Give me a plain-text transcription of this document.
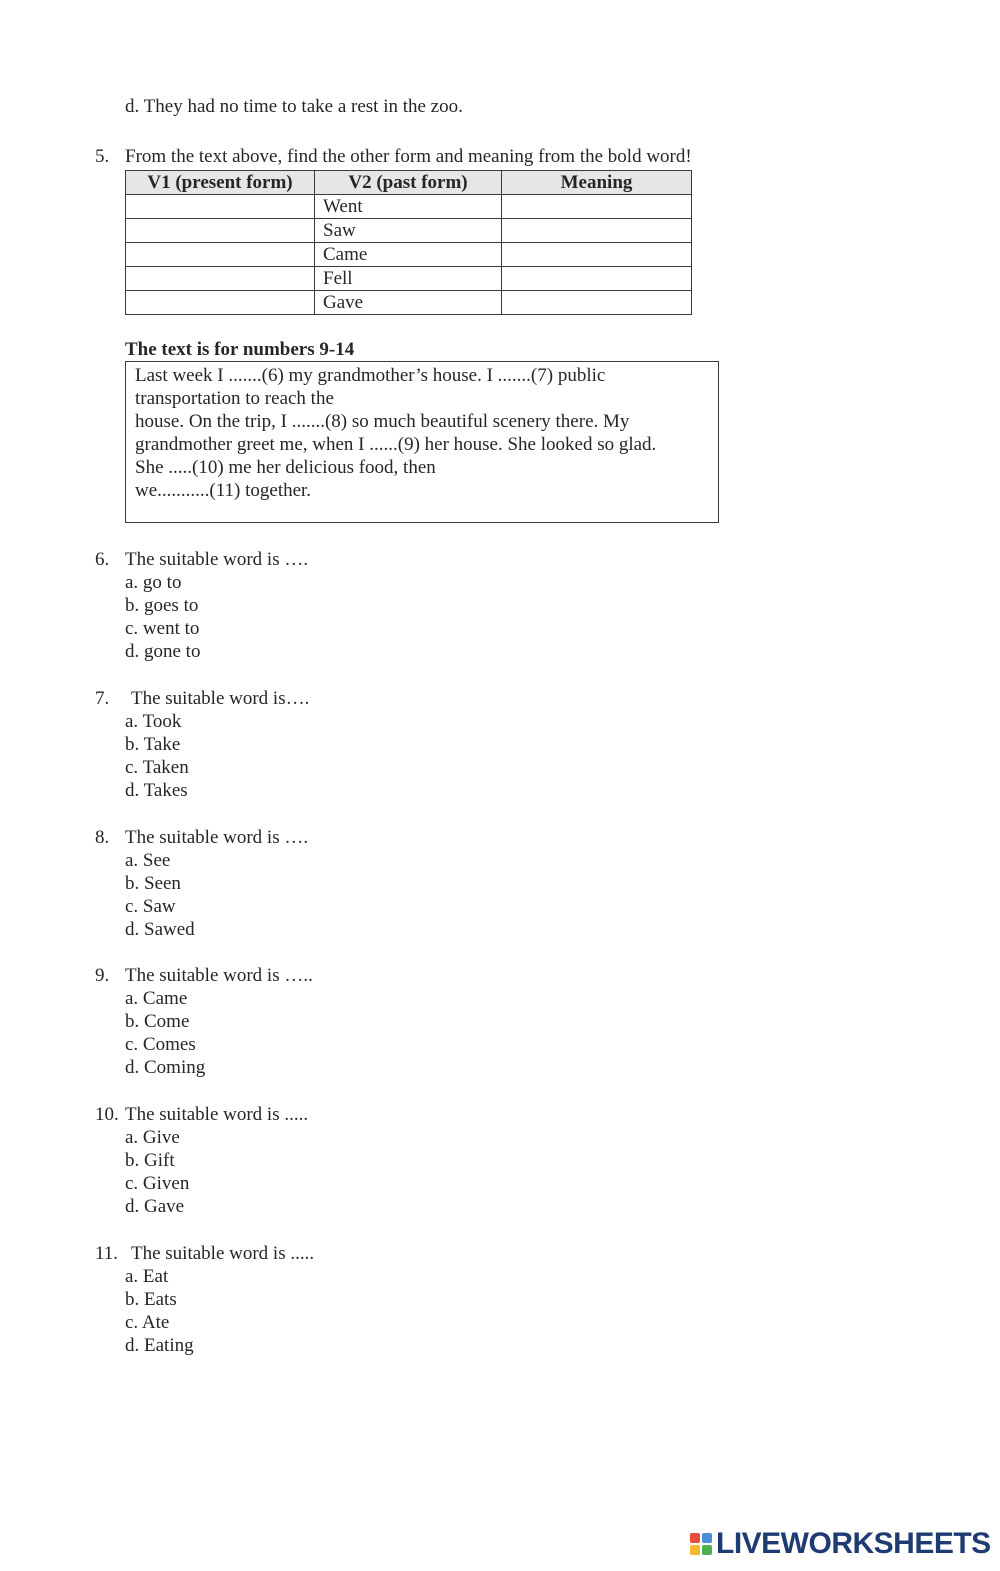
d. They had no time to take a rest in the zoo.
5. From the text above, find the other form and meaning from the bold word!
V1 (present form)	V2 (past form)	Meaning
	Went	
	Saw	
	Came	
	Fell	
	Gave	
The text is for numbers 9-14
Last week I .......(6) my grandmother’s house. I .......(7) public
transportation to reach the
house. On the trip, I .......(8) so much beautiful scenery there. My
grandmother greet me, when I ......(9) her house. She looked so glad.
She .....(10) me her delicious food, then
we...........(11) together.
6. The suitable word is ….
a. go to
b. goes to
c. went to
d. gone to
7. The suitable word is….
a. Took
b. Take
c. Taken
d. Takes
8. The suitable word is ….
a. See
b. Seen
c. Saw
d. Sawed
9. The suitable word is …..
a. Came
b. Come
c. Comes
d. Coming
10. The suitable word is .....
a. Give
b. Gift
c. Given
d. Gave
11. The suitable word is .....
a. Eat
b. Eats
c. Ate
d. Eating
LIVEWORKSHEETS
